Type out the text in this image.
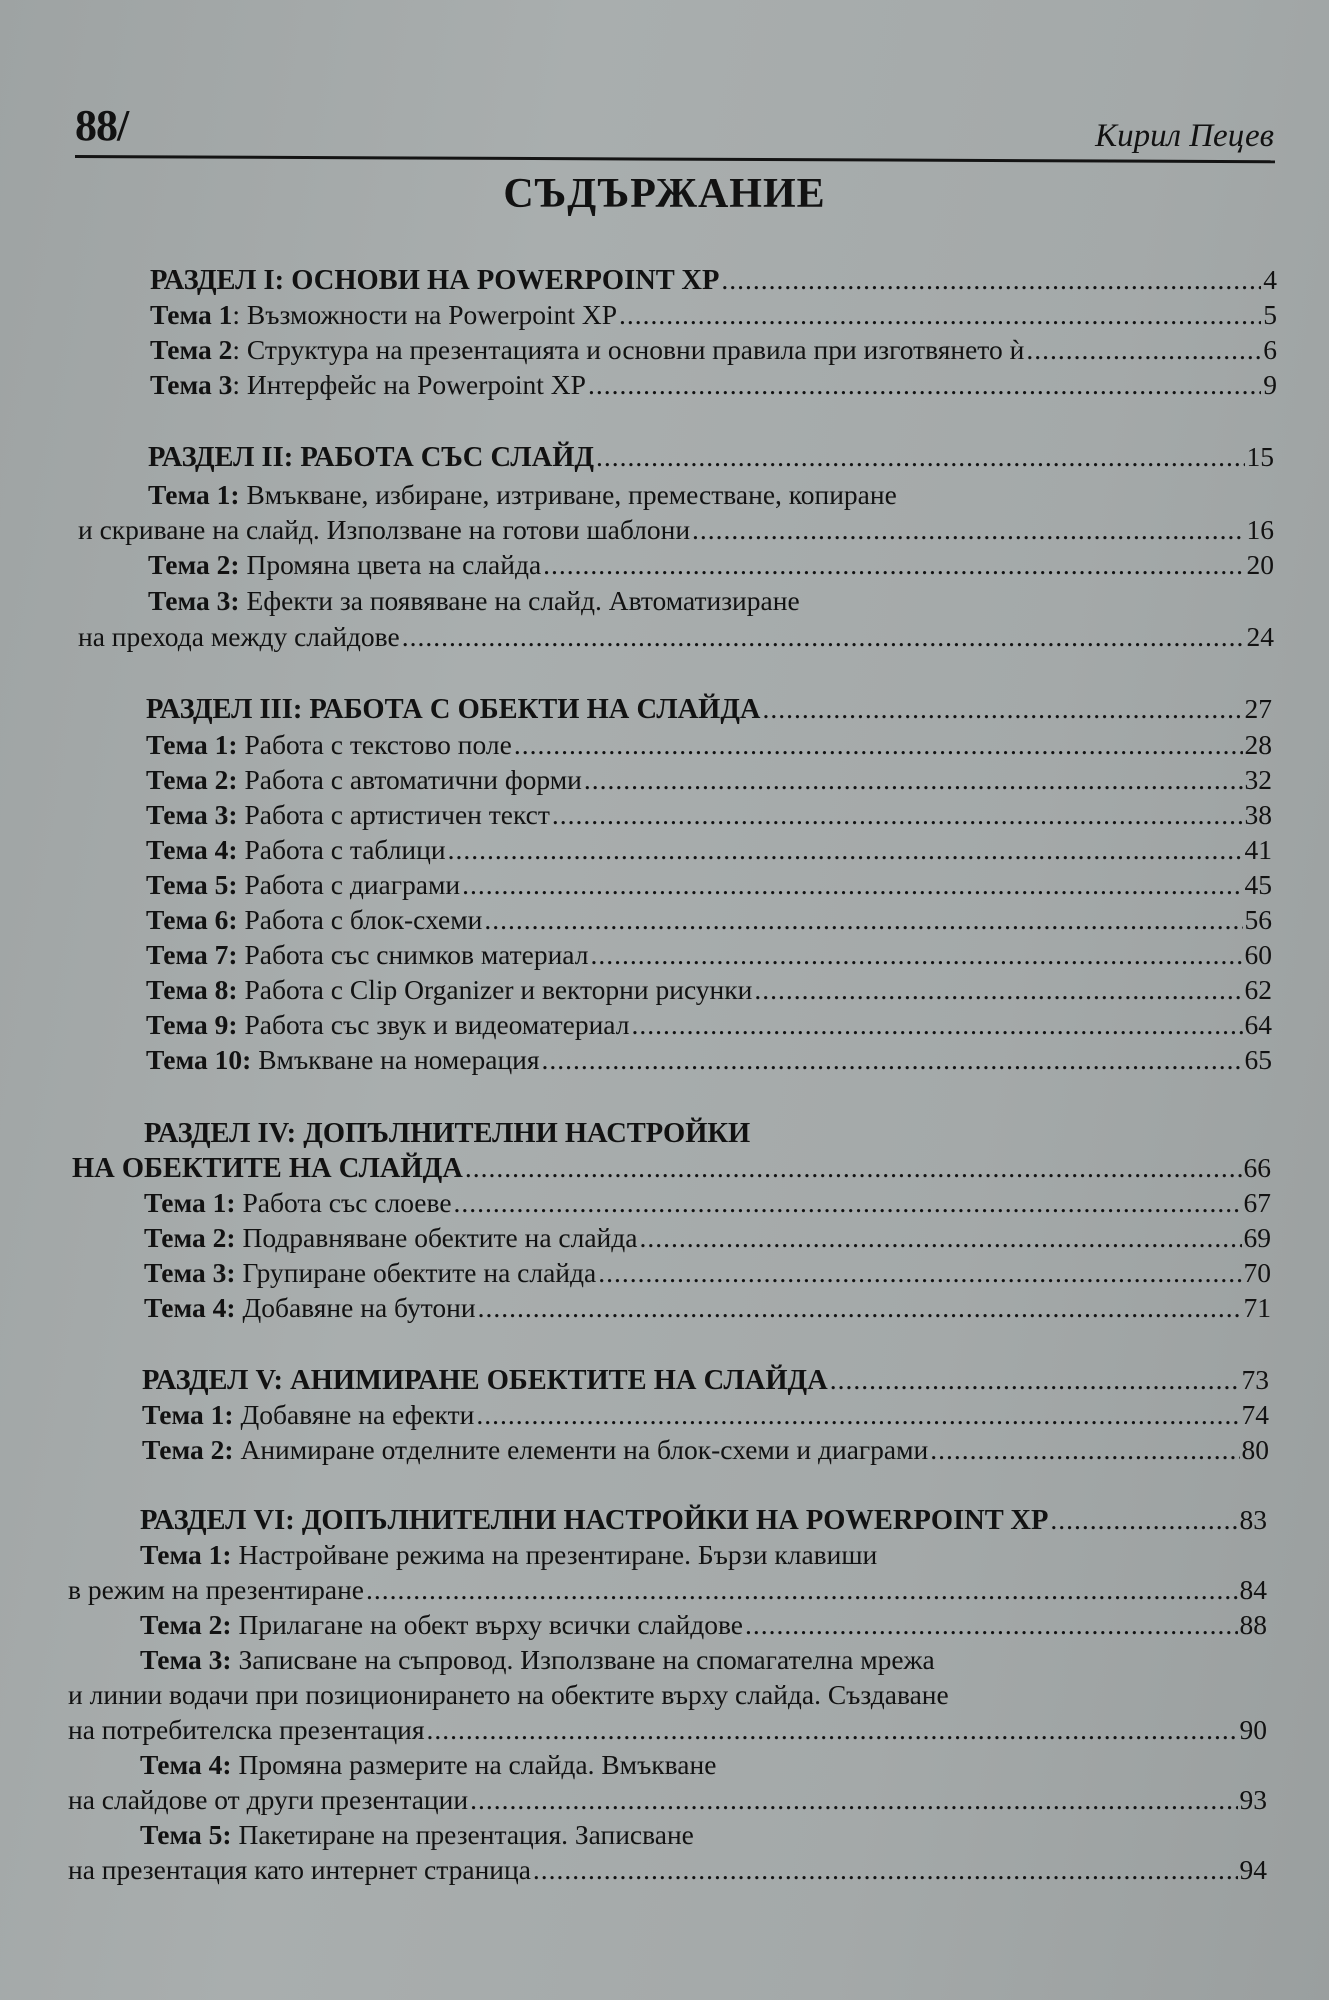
88/	Кирил Пецев
СЪДЪРЖАНИЕ
РАЗДЕЛ I: ОСНОВИ НА POWERPOINT XP .....	4
Тема 1: Възможности на Powerpoint XP .....	5
Тема 2: Структура на презентацията и основни правила при изготвянето ѝ .....	6
Тема 3: Интерфейс на Powerpoint XP .....	9
РАЗДЕЛ II: РАБОТА СЪС СЛАЙД .....	15
Тема 1: Вмъкване, избиране, изтриване, преместване, копиране
и скриване на слайд. Използване на готови шаблони .....	16
Тема 2: Промяна цвета на слайда .....	20
Тема 3: Ефекти за появяване на слайд. Автоматизиране
на прехода между слайдове .....	24
РАЗДЕЛ III: РАБОТА С ОБЕКТИ НА СЛАЙДА .....	27
Тема 1: Работа с текстово поле .....	28
Тема 2: Работа с автоматични форми .....	32
Тема 3: Работа с артистичен текст .....	38
Тема 4: Работа с таблици .....	41
Тема 5: Работа с диаграми .....	45
Тема 6: Работа с блок-схеми .....	56
Тема 7: Работа със снимков материал .....	60
Тема 8: Работа с Clip Organizer и векторни рисунки .....	62
Тема 9: Работа със звук и видеоматериал .....	64
Тема 10: Вмъкване на номерация .....	65
РАЗДЕЛ IV: ДОПЪЛНИТЕЛНИ НАСТРОЙКИ
НА ОБЕКТИТЕ НА СЛАЙДА .....	66
Тема 1: Работа със слоеве .....	67
Тема 2: Подравняване обектите на слайда .....	69
Тема 3: Групиране обектите на слайда .....	70
Тема 4: Добавяне на бутони .....	71
РАЗДЕЛ V: АНИМИРАНЕ ОБЕКТИТЕ НА СЛАЙДА .....	73
Тема 1: Добавяне на ефекти .....	74
Тема 2: Анимиране отделните елементи на блок-схеми и диаграми .....	80
РАЗДЕЛ VI: ДОПЪЛНИТЕЛНИ НАСТРОЙКИ НА POWERPOINT XP .....	83
Тема 1: Настройване режима на презентиране. Бързи клавиши
в режим на презентиране .....	84
Тема 2: Прилагане на обект върху всички слайдове .....	88
Тема 3: Записване на съпровод. Използване на спомагателна мрежа
и линии водачи при позиционирането на обектите върху слайда. Създаване
на потребителска презентация .....	90
Тема 4: Промяна размерите на слайда. Вмъкване
на слайдове от други презентации .....	93
Тема 5: Пакетиране на презентация. Записване
на презентация като интернет страница .....	94
